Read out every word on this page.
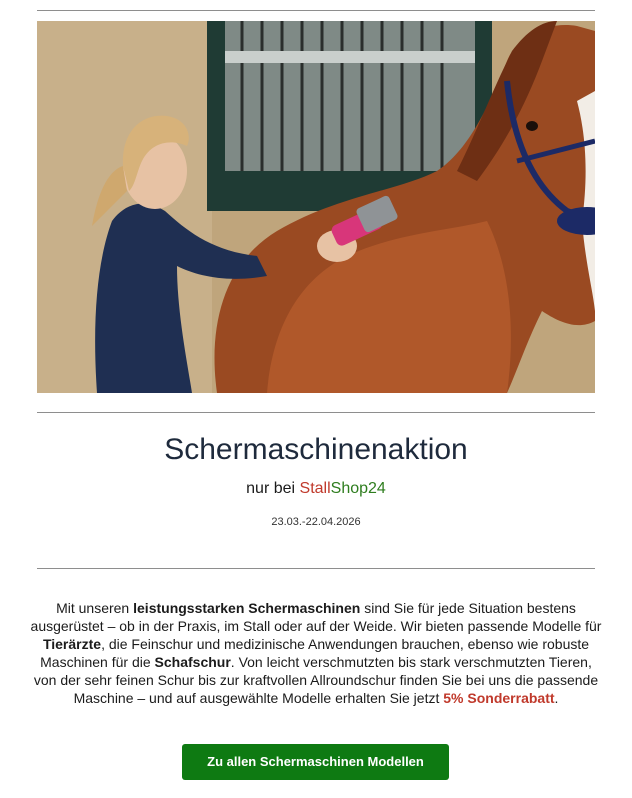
Schermaschinenaktion
nur bei StallShop24
23.03.-22.04.2026

Mit unseren leistungsstarken Schermaschinen sind Sie für jede Situation bestens ausgerüstet – ob in der Praxis, im Stall oder auf der Weide. Wir bieten passende Modelle für Tierärzte, die Feinschur und medizinische Anwendungen brauchen, ebenso wie robuste Maschinen für die Schafschur. Von leicht verschmutzten bis stark verschmutzten Tieren, von der sehr feinen Schur bis zur kraftvollen Allroundschur finden Sie bei uns die passende Maschine – und auf ausgewählte Modelle erhalten Sie jetzt 5% Sonderrabatt.

Zu allen Schermaschinen Modellen
